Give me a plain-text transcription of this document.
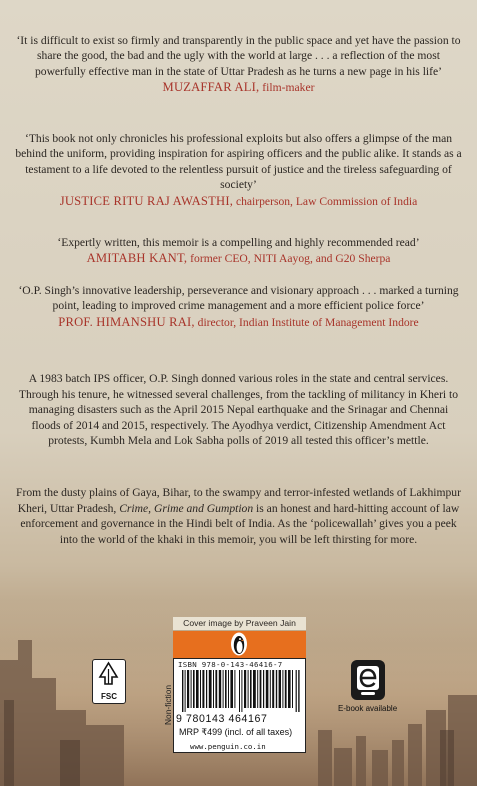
‘It is difficult to exist so firmly and transparently in the public space and yet have the passion to share the good, the bad and the ugly with the world at large . . . a reflection of the most powerfully effective man in the state of Uttar Pradesh as he turns a new page in his life’
MUZAFFAR ALI, film-maker
‘This book not only chronicles his professional exploits but also offers a glimpse of the man behind the uniform, providing inspiration for aspiring officers and the public alike. It stands as a testament to a life devoted to the relentless pursuit of justice and the tireless safeguarding of society’
JUSTICE RITU RAJ AWASTHI, chairperson, Law Commission of India
‘Expertly written, this memoir is a compelling and highly recommended read’
AMITABH KANT, former CEO, NITI Aayog, and G20 Sherpa
‘O.P. Singh’s innovative leadership, perseverance and visionary approach . . . marked a turning point, leading to improved crime management and a more efficient police force’
PROF. HIMANSHU RAI, director, Indian Institute of Management Indore
A 1983 batch IPS officer, O.P. Singh donned various roles in the state and central services. Through his tenure, he witnessed several challenges, from the tackling of militancy in Kheri to managing disasters such as the April 2015 Nepal earthquake and the Srinagar and Chennai floods of 2014 and 2015, respectively. The Ayodhya verdict, Citizenship Amendment Act protests, Kumbh Mela and Lok Sabha polls of 2019 all tested this officer’s mettle.
From the dusty plains of Gaya, Bihar, to the swampy and terror-infested wetlands of Lakhimpur Kheri, Uttar Pradesh, Crime, Grime and Gumption is an honest and hard-hitting account of law enforcement and governance in the Hindi belt of India. As the ‘policewallah’ gives you a peek into the world of the khaki in this memoir, you will be left thirsting for more.
Cover image by Praveen Jain
ISBN 978-0-143-46416-7
9 780143 464167
MRP ₹499 (incl. of all taxes)
www.penguin.co.in
Non-fiction
FSC
E-book available
